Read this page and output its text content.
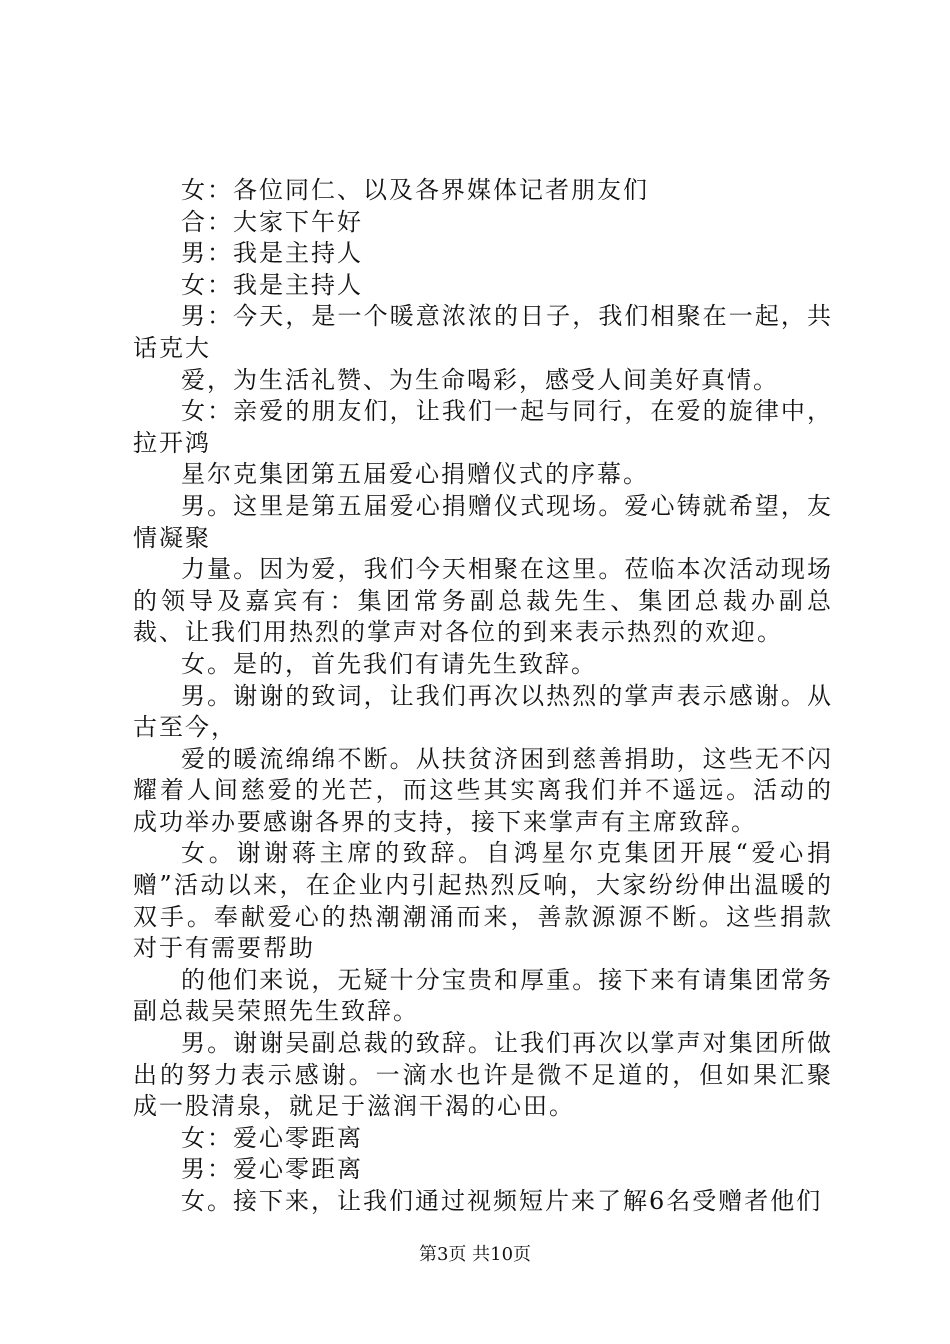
女：各位同仁、以及各界媒体记者朋友们

合：大家下午好

男：我是主持人

女：我是主持人

男：今天，是一个暖意浓浓的日子，我们相聚在一起，共话克大

爱，为生活礼赞、为生命喝彩，感受人间美好真情。

女：亲爱的朋友们，让我们一起与同行，在爱的旋律中，拉开鸿

星尔克集团第五届爱心捐赠仪式的序幕。

男。这里是第五届爱心捐赠仪式现场。爱心铸就希望，友情凝聚

力量。因为爱，我们今天相聚在这里。莅临本次活动现场的领导及嘉宾有：集团常务副总裁先生、集团总裁办副总裁、让我们用热烈的掌声对各位的到来表示热烈的欢迎。

女。是的，首先我们有请先生致辞。

男。谢谢的致词，让我们再次以热烈的掌声表示感谢。从古至今，

爱的暖流绵绵不断。从扶贫济困到慈善捐助，这些无不闪耀着人间慈爱的光芒，而这些其实离我们并不遥远。活动的成功举办要感谢各界的支持，接下来掌声有主席致辞。

女。谢谢蒋主席的致辞。自鸿星尔克集团开展“爱心捐赠”活动以来，在企业内引起热烈反响，大家纷纷伸出温暖的双手。奉献爱心的热潮潮涌而来，善款源源不断。这些捐款对于有需要帮助

的他们来说，无疑十分宝贵和厚重。接下来有请集团常务副总裁吴荣照先生致辞。

男。谢谢吴副总裁的致辞。让我们再次以掌声对集团所做出的努力表示感谢。一滴水也许是微不足道的，但如果汇聚成一股清泉，就足于滋润干渴的心田。

女：爱心零距离

男：爱心零距离

女。接下来，让我们通过视频短片来了解6名受赠者他们

第3页 共10页
